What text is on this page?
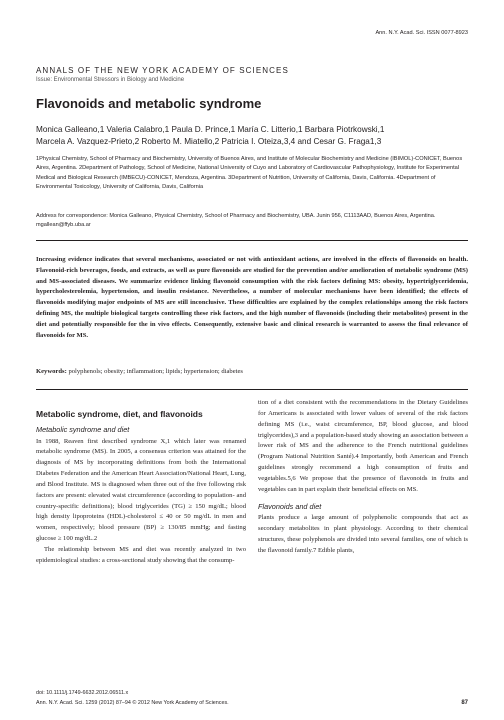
Ann. N.Y. Acad. Sci. ISSN 0077-8923
ANNALS OF THE NEW YORK ACADEMY OF SCIENCES
Issue: Environmental Stressors in Biology and Medicine
Flavonoids and metabolic syndrome
Monica Galleano,1 Valeria Calabro,1 Paula D. Prince,1 María C. Litterio,1 Barbara Piotrkowski,1
Marcela A. Vazquez-Prieto,2 Roberto M. Miatello,2 Patricia I. Oteiza,3,4 and Cesar G. Fraga1,3
1Physical Chemistry, School of Pharmacy and Biochemistry, University of Buenos Aires, and Institute of Molecular Biochemistry and Medicine (IBIMOL)-CONICET, Buenos Aires, Argentina. 2Department of Pathology, School of Medicine, National University of Cuyo and Laboratory of Cardiovascular Pathophysiology, Institute for Experimental Medical and Biological Research (IMBECU)-CONICET, Mendoza, Argentina. 3Department of Nutrition, University of California, Davis, California. 4Department of Environmental Toxicology, University of California, Davis, California
Address for correspondence: Monica Galleano, Physical Chemistry, School of Pharmacy and Biochemistry, UBA. Junin 956, C1113AAD, Buenos Aires, Argentina. mgallean@ffyb.uba.ar
Increasing evidence indicates that several mechanisms, associated or not with antioxidant actions, are involved in the effects of flavonoids on health. Flavonoid-rich beverages, foods, and extracts, as well as pure flavonoids are studied for the prevention and/or amelioration of metabolic syndrome (MS) and MS-associated diseases. We summarize evidence linking flavonoid consumption with the risk factors defining MS: obesity, hypertriglyceridemia, hypercholesterolemia, hypertension, and insulin resistance. Nevertheless, a number of molecular mechanisms have been identified; the effects of flavonoids modifying major endpoints of MS are still inconclusive. These difficulties are explained by the complex relationships among the risk factors defining MS, the multiple biological targets controlling these risk factors, and the high number of flavonoids (including their metabolites) present in the diet and potentially responsible for the in vivo effects. Consequently, extensive basic and clinical research is warranted to assess the final relevance of flavonoids for MS.
Keywords: polyphenols; obesity; inflammation; lipids; hypertension; diabetes
Metabolic syndrome, diet, and flavonoids
Metabolic syndrome and diet

In 1988, Reaven first described syndrome X,1 which later was renamed metabolic syndrome (MS). In 2005, a consensus criterion was attained for the diagnosis of MS by incorporating definitions from both the International Diabetes Federation and the American Heart Association/National Heart, Lung, and Blood Institute. MS is diagnosed when three out of the five following risk factors are present: elevated waist circumference (according to population- and country-specific definitions); blood triglycerides (TG) ≥ 150 mg/dL; blood high density lipoproteins (HDL)-cholesterol ≤ 40 or 50 mg/dL in men and women, respectively; blood pressure (BP) ≥ 130/85 mmHg; and fasting glucose ≥ 100 mg/dL.2

The relationship between MS and diet was recently analyzed in two epidemiological studies: a cross-sectional study showing that the consump-

tion of a diet consistent with the recommendations in the Dietary Guidelines for Americans is associated with lower values of several of the risk factors defining MS (i.e., waist circumference, BP, blood glucose, and blood triglycerides),3 and a population-based study showing an association between a lower risk of MS and the adherence to the French nutritional guidelines (Program National Nutrition Santé).4 Importantly, both American and French guidelines strongly recommend a high consumption of fruits and vegetables.5,6 We propose that the presence of flavonoids in fruits and vegetables can in part explain their beneficial effects on MS.

Flavonoids and diet

Plants produce a large amount of polyphenolic compounds that act as secondary metabolites in plant physiology. According to their chemical structures, these polyphenols are divided into several families, one of which is the flavonoid family.7 Edible plants,

doi: 10.1111/j.1749-6632.2012.06511.x
Ann. N.Y. Acad. Sci. 1259 (2012) 87–94 © 2012 New York Academy of Sciences.	87
